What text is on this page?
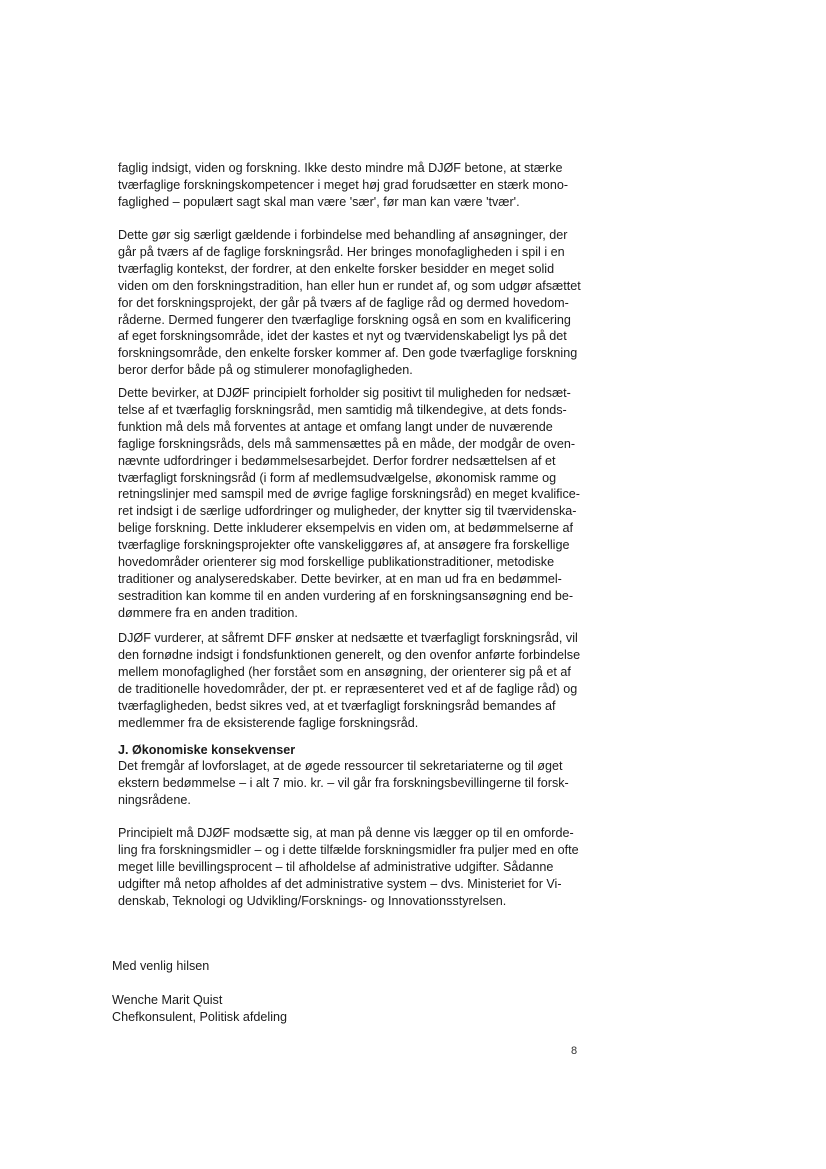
faglig indsigt, viden og forskning. Ikke desto mindre må DJØF betone, at stærke
tværfaglige forskningskompetencer i meget høj grad forudsætter en stærk mono-
faglighed – populært sagt skal man være 'sær', før man kan være 'tvær'.

Dette gør sig særligt gældende i forbindelse med behandling af ansøgninger, der
går på tværs af de faglige forskningsråd. Her bringes monofagligheden i spil i en
tværfaglig kontekst, der fordrer, at den enkelte forsker besidder en meget solid
viden om den forskningstradition, han eller hun er rundet af, og som udgør afsættet
for det forskningsprojekt, der går på tværs af de faglige råd og dermed hovedom-
råderne. Dermed fungerer den tværfaglige forskning også en som en kvalificering
af eget forskningsområde, idet der kastes et nyt og tværvidenskabeligt lys på det
forskningsområde, den enkelte forsker kommer af. Den gode tværfaglige forskning
beror derfor både på og stimulerer monofagligheden.

Dette bevirker, at DJØF principielt forholder sig positivt til muligheden for nedsæt-
telse af et tværfaglig forskningsråd, men samtidig må tilkendegive, at dets fonds-
funktion må dels må forventes at antage et omfang langt under de nuværende
faglige forskningsråds, dels må sammensættes på en måde, der modgår de oven-
nævnte udfordringer i bedømmelsesarbejdet. Derfor fordrer nedsættelsen af et
tværfagligt forskningsråd (i form af medlemsudvælgelse, økonomisk ramme og
retningslinjer med samspil med de øvrige faglige forskningsråd) en meget kvalifice-
ret indsigt i de særlige udfordringer og muligheder, der knytter sig til tværvidenska-
belige forskning. Dette inkluderer eksempelvis en viden om, at bedømmelserne af
tværfaglige forskningsprojekter ofte vanskeliggøres af, at ansøgere fra forskellige
hovedområder orienterer sig mod forskellige publikationstraditioner, metodiske
traditioner og analyseredskaber. Dette bevirker, at en man ud fra en bedømmel-
sestradition kan komme til en anden vurdering af en forskningsansøgning end be-
dømmere fra en anden tradition.

DJØF vurderer, at såfremt DFF ønsker at nedsætte et tværfagligt forskningsråd, vil
den fornødne indsigt i fondsfunktionen generelt, og den ovenfor anførte forbindelse
mellem monofaglighed (her forstået som en ansøgning, der orienterer sig på et af
de traditionelle hovedområder, der pt. er repræsenteret ved et af de faglige råd) og
tværfagligheden, bedst sikres ved, at et tværfagligt forskningsråd bemandes af
medlemmer fra de eksisterende faglige forskningsråd.

J. Økonomiske konsekvenser

Det fremgår af lovforslaget, at de øgede ressourcer til sekretariaterne og til øget
ekstern bedømmelse – i alt 7 mio. kr. – vil går fra forskningsbevillingerne til forsk-
ningsrådene.

Principielt må DJØF modsætte sig, at man på denne vis lægger op til en omforde-
ling fra forskningsmidler – og i dette tilfælde forskningsmidler fra puljer med en ofte
meget lille bevillingsprocent – til afholdelse af administrative udgifter. Sådanne
udgifter må netop afholdes af det administrative system – dvs. Ministeriet for Vi-
denskab, Teknologi og Udvikling/Forsknings- og Innovationsstyrelsen.

Med venlig hilsen

Wenche Marit Quist
Chefkonsulent, Politisk afdeling

8
